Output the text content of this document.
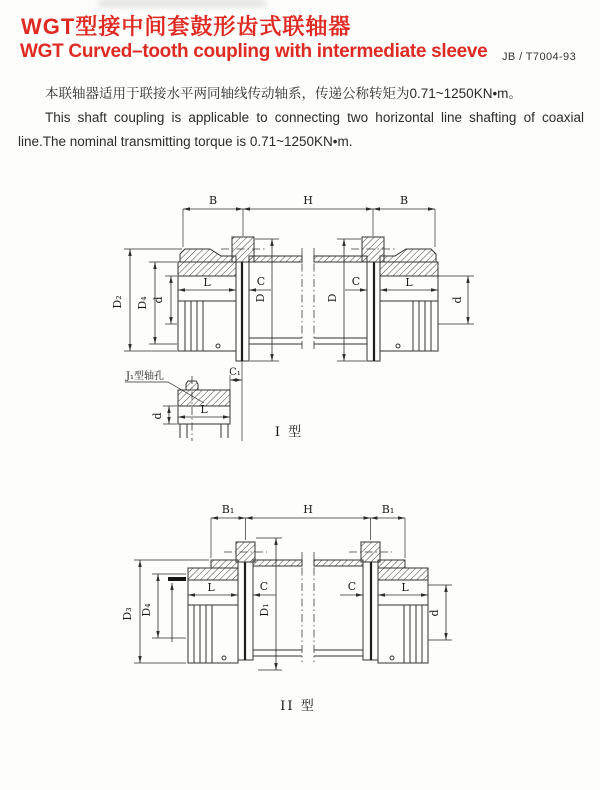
WGT型接中间套鼓形齿式联轴器
WGT Curved–tooth coupling with intermediate sleeve JB / T7004-93

本联轴器适用于联接水平两同轴线传动轴系，传递公称转矩为0.71~1250KN•m。

This shaft coupling is applicable to connecting two horizontal line shafting of coaxial line.The nominal transmitting torque is 0.71~1250KN•m.

B	H	B
D₂ D₄ d
L	C
D	D
C	L
d
J₁型轴孔
d	L
C₁
I 型
B₁	H	B₁
D₃ D₄
L	C
D₁
C	L
d
II 型
